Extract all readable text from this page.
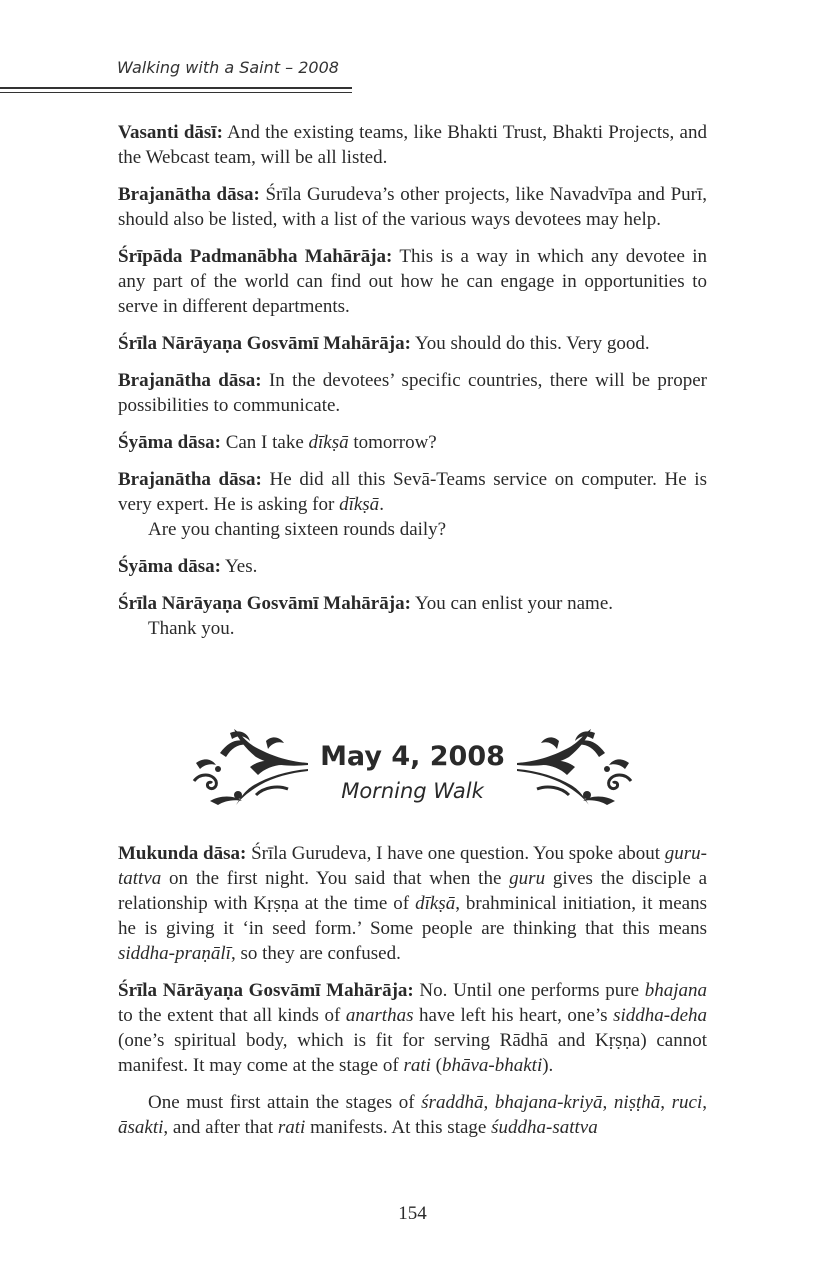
Walking with a Saint – 2008

Vasanti dāsī: And the existing teams, like Bhakti Trust, Bhakti Projects, and the Webcast team, will be all listed.

Brajanātha dāsa: Śrīla Gurudeva’s other projects, like Navadvīpa and Purī, should also be listed, with a list of the various ways devotees may help.

Śrīpāda Padmanābha Mahārāja: This is a way in which any devotee in any part of the world can find out how he can engage in opportunities to serve in different departments.

Śrīla Nārāyaṇa Gosvāmī Mahārāja: You should do this. Very good.

Brajanātha dāsa: In the devotees’ specific countries, there will be proper possibilities to communicate.

Śyāma dāsa: Can I take dīkṣā tomorrow?

Brajanātha dāsa: He did all this Sevā-Teams service on computer. He is very expert. He is asking for dīkṣā.
Are you chanting sixteen rounds daily?

Śyāma dāsa: Yes.

Śrīla Nārāyaṇa Gosvāmī Mahārāja: You can enlist your name.
Thank you.

May 4, 2008
Morning Walk

Mukunda dāsa: Śrīla Gurudeva, I have one question. You spoke about guru-tattva on the first night. You said that when the guru gives the disciple a relationship with Kṛṣṇa at the time of dīkṣā, brahminical initiation, it means he is giving it ‘in seed form.’ Some people are thinking that this means siddha-praṇālī, so they are confused.

Śrīla Nārāyaṇa Gosvāmī Mahārāja: No. Until one performs pure bhajana to the extent that all kinds of anarthas have left his heart, one’s siddha-deha (one’s spiritual body, which is fit for serving Rādhā and Kṛṣṇa) cannot manifest. It may come at the stage of rati (bhāva-bhakti).

One must first attain the stages of śraddhā, bhajana-kriyā, niṣṭhā, ruci, āsakti, and after that rati manifests. At this stage śuddha-sattva

154
